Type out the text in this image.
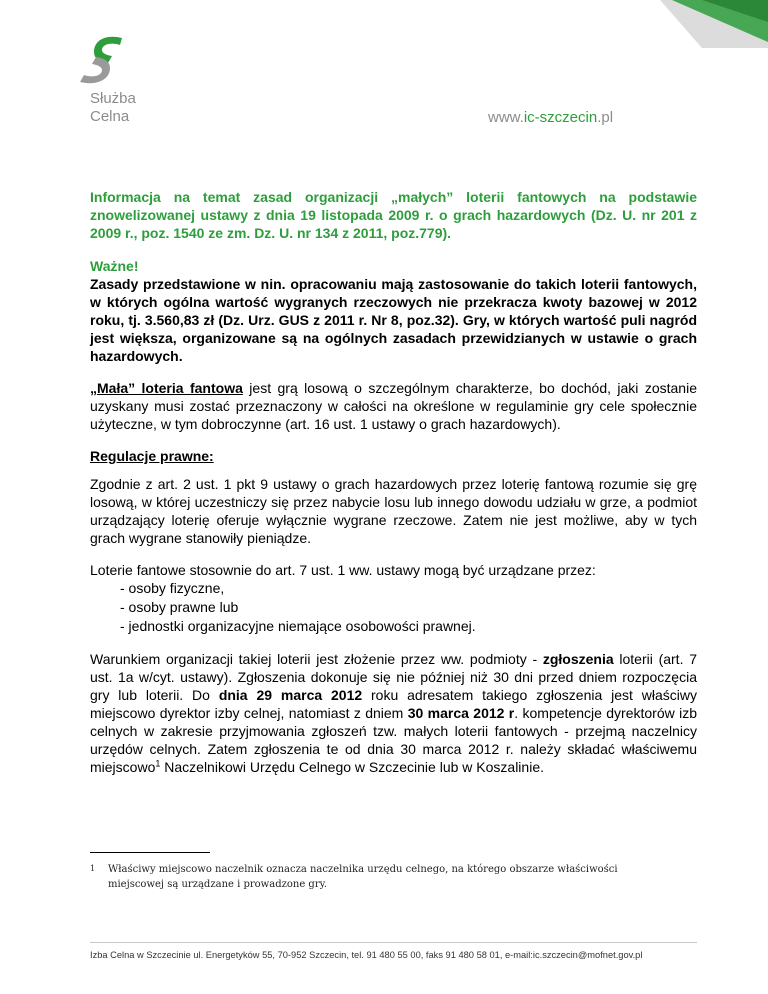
Służba
Celna	www.ic-szczecin.pl
Informacja na temat zasad organizacji „małych” loterii fantowych na podstawie znowelizowanej ustawy z dnia 19 listopada 2009 r. o grach hazardowych (Dz. U. nr 201 z 2009 r., poz. 1540 ze zm. Dz. U. nr 134 z 2011, poz.779).
Ważne!
Zasady przedstawione w nin. opracowaniu mają zastosowanie do takich loterii fantowych, w których ogólna wartość wygranych rzeczowych nie przekracza kwoty bazowej w 2012 roku, tj. 3.560,83 zł (Dz. Urz. GUS z 2011 r. Nr 8, poz.32). Gry, w których wartość puli nagród jest większa, organizowane są na ogólnych zasadach przewidzianych w ustawie o grach hazardowych.

„Mała” loteria fantowa jest grą losową o szczególnym charakterze, bo dochód, jaki zostanie uzyskany musi zostać przeznaczony w całości na określone w regulaminie gry cele społecznie użyteczne, w tym dobroczynne (art. 16 ust. 1 ustawy o grach hazardowych).

Regulacje prawne:

Zgodnie z art. 2 ust. 1 pkt 9 ustawy o grach hazardowych przez loterię fantową rozumie się grę losową, w której uczestniczy się przez nabycie losu lub innego dowodu udziału w grze, a podmiot urządzający loterię oferuje wyłącznie wygrane rzeczowe. Zatem nie jest możliwe, aby w tych grach wygrane stanowiły pieniądze.

Loterie fantowe stosownie do art. 7 ust. 1 ww. ustawy mogą być urządzane przez:

- osoby fizyczne,
- osoby prawne lub
- jednostki organizacyjne niemające osobowości prawnej.

Warunkiem organizacji takiej loterii jest złożenie przez ww. podmioty - zgłoszenia loterii (art. 7 ust. 1a w/cyt. ustawy). Zgłoszenia dokonuje się nie później niż 30 dni przed dniem rozpoczęcia gry lub loterii. Do dnia 29 marca 2012 roku adresatem takiego zgłoszenia jest właściwy miejscowo dyrektor izby celnej, natomiast z dniem 30 marca 2012 r. kompetencje dyrektorów izb celnych w zakresie przyjmowania zgłoszeń tzw. małych loterii fantowych - przejmą naczelnicy urzędów celnych. Zatem zgłoszenia te od dnia 30 marca 2012 r. należy składać właściwemu miejscowo$^1$ Naczelnikowi Urzędu Celnego w Szczecinie lub w Koszalinie.

1	Właściwy miejscowo naczelnik oznacza naczelnika urzędu celnego, na którego obszarze właściwości miejscowej są urządzane i prowadzone gry.
Izba Celna w Szczecinie ul. Energetyków 55, 70-952 Szczecin, tel. 91 480 55 00, faks 91 480 58 01, e-mail:ic.szczecin@mofnet.gov.pl
